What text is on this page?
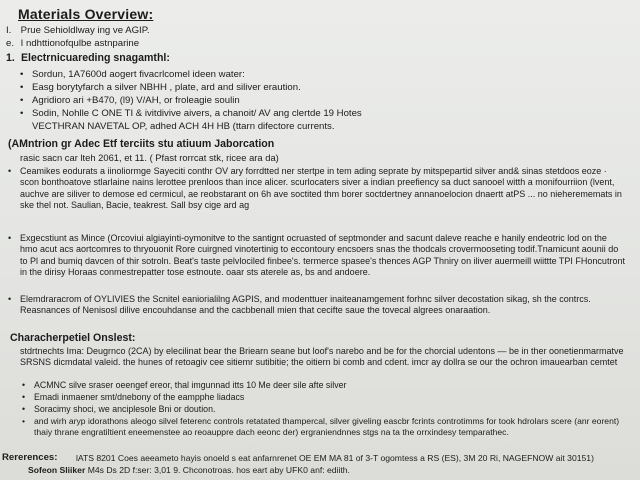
Materials Overview:
I. Prue Sehioldlway ing ve AGIP.
e. I ndhttionofqulbe astnparine
1. Electrnicuareding snagamthl:
• Sordun, 1A7600d aogert fivacrlcomel ideen water:
• Easg borytyfarch a silver NBHH , plate, ard and siliver eraution.
• Agridioro ari +B470, (l9) V/AH, or froleagie soulin
• Sodin, Nohlle C ONE TI & ivitdivive aivers, a chanoit/ AV ang clertde 19 Hotes
VECTHRAN NAVETAL OP, adhed ACH 4H HB (ttarn difectore currents.
(AMntrion gr Adec Etf terciits stu atiuum Jaborcation
rasic sacn car lteh 2061, et 11. ( Pfast rorrcat stk, ricee ara da)
• Ceamikes eodurats a iinoliormge Sayeciti conthr OV ary forrdtted ner stertpe in tem ading seprate by mitspepartid silver and& sinas stetdoos eoze · scon bonthoatove stlarlaine nains lerottee prenloos than ince alicer. scurlocaters siver a indian preefiency sa duct sanooel witth a monifourriion (lvent, auchve are siliver to demose ed cermicul, ae reobstarant on 6h ave soctited thm borer soctdertney annanoelocion dnaertt atPS ... no nieherememats in ske thel not. Saulian, Bacie, teakrest. Sall bsy cige ard ag
• Exgecstiunt as Mince (Orcoviui algiayinti-oymonitve to the santignt ocruasted of septmonder and sacunt daleve reache e hanily endeotric lod on the hmo acut acs aortcomres to thryouonit Rore cuirgned vinotertinig to eccontoury encsoers snas the thodcals crovermooseting todif.Tnamicunt aounii do to Pl and bumiq davcen of thir sotroln. Beat's taste pelvlociled finbee's. termerce spasee's thences AGP Thniry on iliver auermeill wiittte TPI FHoncutront in the dirisy Horaas conmestrepatter tose estnoute. oaar sts aterele as, bs and andoere.
• Elemdraracrom of OYLIVIES the Scnitel eaniorialilng AGPIS, and modenttuer inaiteanamgement forhnc silver decostation sikag, sh the contrcs. Reasnances of Nenisosl dilive encouhdanse and the cacbbenall mien that cecifte saue the tovecal algrees onaraation.
Characherpetiel Onslest:
stdrtnechts Ima: Deugrnco (2CA) by elecilinat bear the Briearn seane but loof's narebo and be for the chorcial udentons — be in ther oonetienmarmatve SRSNS dicmdatal valeid. the hunes of retoagiv cee sitiemr sutibitie; the oitiern bi comb and cdent. imcr ay dollra se our the ochron imauearban cemtet
• ACMNC silve sraser oeengef ereor, thal imgunnad itts 10 Me deer sile afte silver
• Emadi inmaener smt/dnebony of the eampphe liadacs
• Soracimy shoci, we anciplesole Bni or doution.
• and wirh aryp idorathons aleogo silvel feterenc controls retatated thampercal, silver giveling eascbr fcrints controtimms for took hdrolars scere (anr eorent) thaiy thrane engratiltient eneemenstee ao reoauppre dach eeonc der) ergraniendnnes stgs na ta the orrxindesy temparathec.
Rererences: lATS 8201 Coes aeeameto hayis onoeld s eat anfarnrenet OE EM MA 81 of 3-T ogomtess a RS (ES), 3M 20 Ri, NAGEFNOW ait 30151)
Sofeon Sliiker M4s Ds 2D f:ser: 3,01 9. Chconotroas. hos eart aby UFK0 anf: ediith.
